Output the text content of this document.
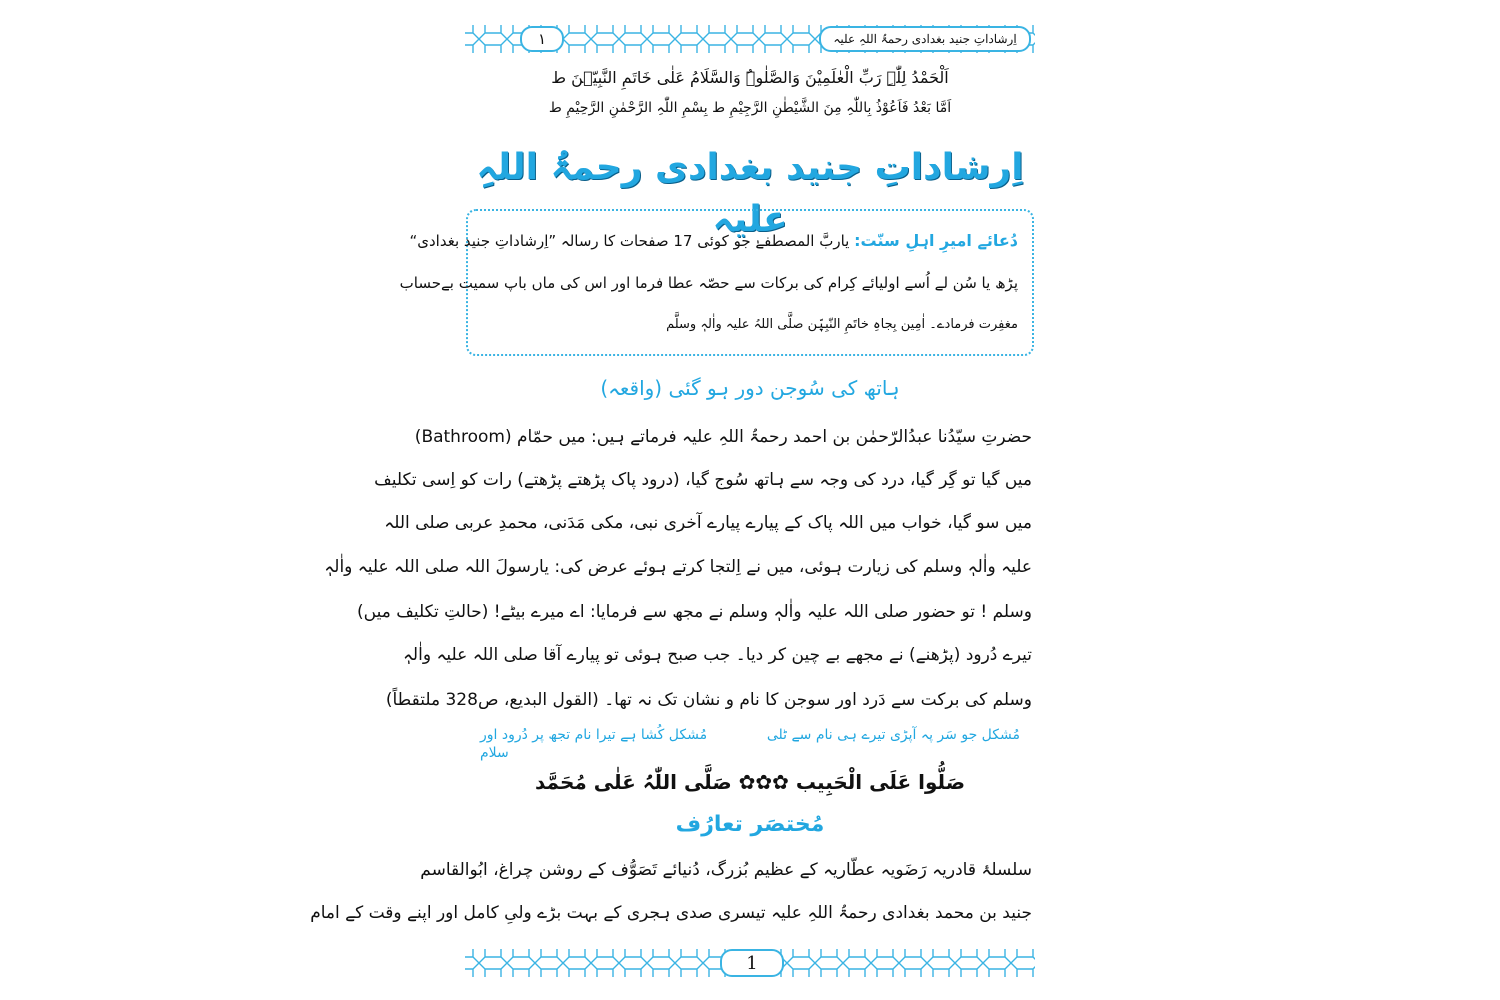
١	اِرشاداتِ جنید بغدادی رحمۃُ اللہِ علیہ
اَلْحَمْدُ لِلّٰہِ رَبِّ الْعٰلَمِیْنَ وَالصَّلٰوۃُ وَالسَّلَامُ عَلٰی خَاتَمِ النَّبِیّٖنَ ط
اَمَّا بَعْدُ فَاَعُوْذُ بِاللّٰہِ مِنَ الشَّیْطٰنِ الرَّجِیْمِ ط بِسْمِ اللّٰہِ الرَّحْمٰنِ الرَّحِیْمِ ط
اِرشاداتِ جنید بغدادی رحمۃُ اللہِ علیہ
دُعائے امیرِ اہلِ سنّت: یاربَّ المصطفےٰ جو کوئی 17 صفحات کا رسالہ ”اِرشاداتِ جنید بغدادی“
پڑھ یا سُن لے اُسے اولیائے کِرام کی برکات سے حصّہ عطا فرما اور اس کی ماں باپ سمیت بےحساب
مغفِرت فرمادے۔ اٰمِین بِجاہِ خاتَمِ النّبِیّٖن صلَّی اللہُ علیہ واٰلہٖ وسلَّم
ہاتھ کی سُوجن دور ہو گئی (واقعہ)
حضرتِ سیّدُنا عبدُالرّحمٰن بن احمد رحمۃُ اللہِ علیہ فرماتے ہیں: میں حمّام (Bathroom)
میں گیا تو گِر گیا، درد کی وجہ سے ہاتھ سُوج گیا، (درود پاک پڑھتے پڑھتے) رات کو اِسی تکلیف
میں سو گیا، خواب میں اللہ پاک کے پیارے پیارے آخری نبی، مکی مَدَنی، محمدِ عربی صلی اللہ
علیہ واٰلہٖ وسلم کی زیارت ہوئی، میں نے اِلتجا کرتے ہوئے عرض کی: یارسولَ اللہ صلی اللہ علیہ واٰلہٖ
وسلم ! تو حضور صلی اللہ علیہ واٰلہٖ وسلم نے مجھ سے فرمایا: اے میرے بیٹے! (حالتِ تکلیف میں)
تیرے دُرود (پڑھنے) نے مجھے بے چین کر دیا۔ جب صبح ہوئی تو پیارے آقا صلی اللہ علیہ واٰلہٖ
وسلم کی برکت سے دَرد اور سوجن کا نام و نشان تک نہ تھا۔ (القول البدیع، ص328 ملتقطاً)
مُشکل جو سَر پہ آپڑی تیرے ہی نام سے ٹلی
مُشکل کُشا ہے تیرا نام تجھ پر دُرود اور سلام
صَلُّوا عَلَی الْحَبِیب ✿✿✿ صَلَّی اللّٰہُ عَلٰی مُحَمَّد
مُختصَر تعارُف
سلسلۂ قادریہ رَضَویہ عطّاریہ کے عظیم بُزرگ، دُنیائے تَصَوُّف کے روشن چراغ، ابُوالقاسم
جنید بن محمد بغدادی رحمۃُ اللہِ علیہ تیسری صدی ہجری کے بہت بڑے ولیِ کامل اور اپنے وقت کے امام
1
